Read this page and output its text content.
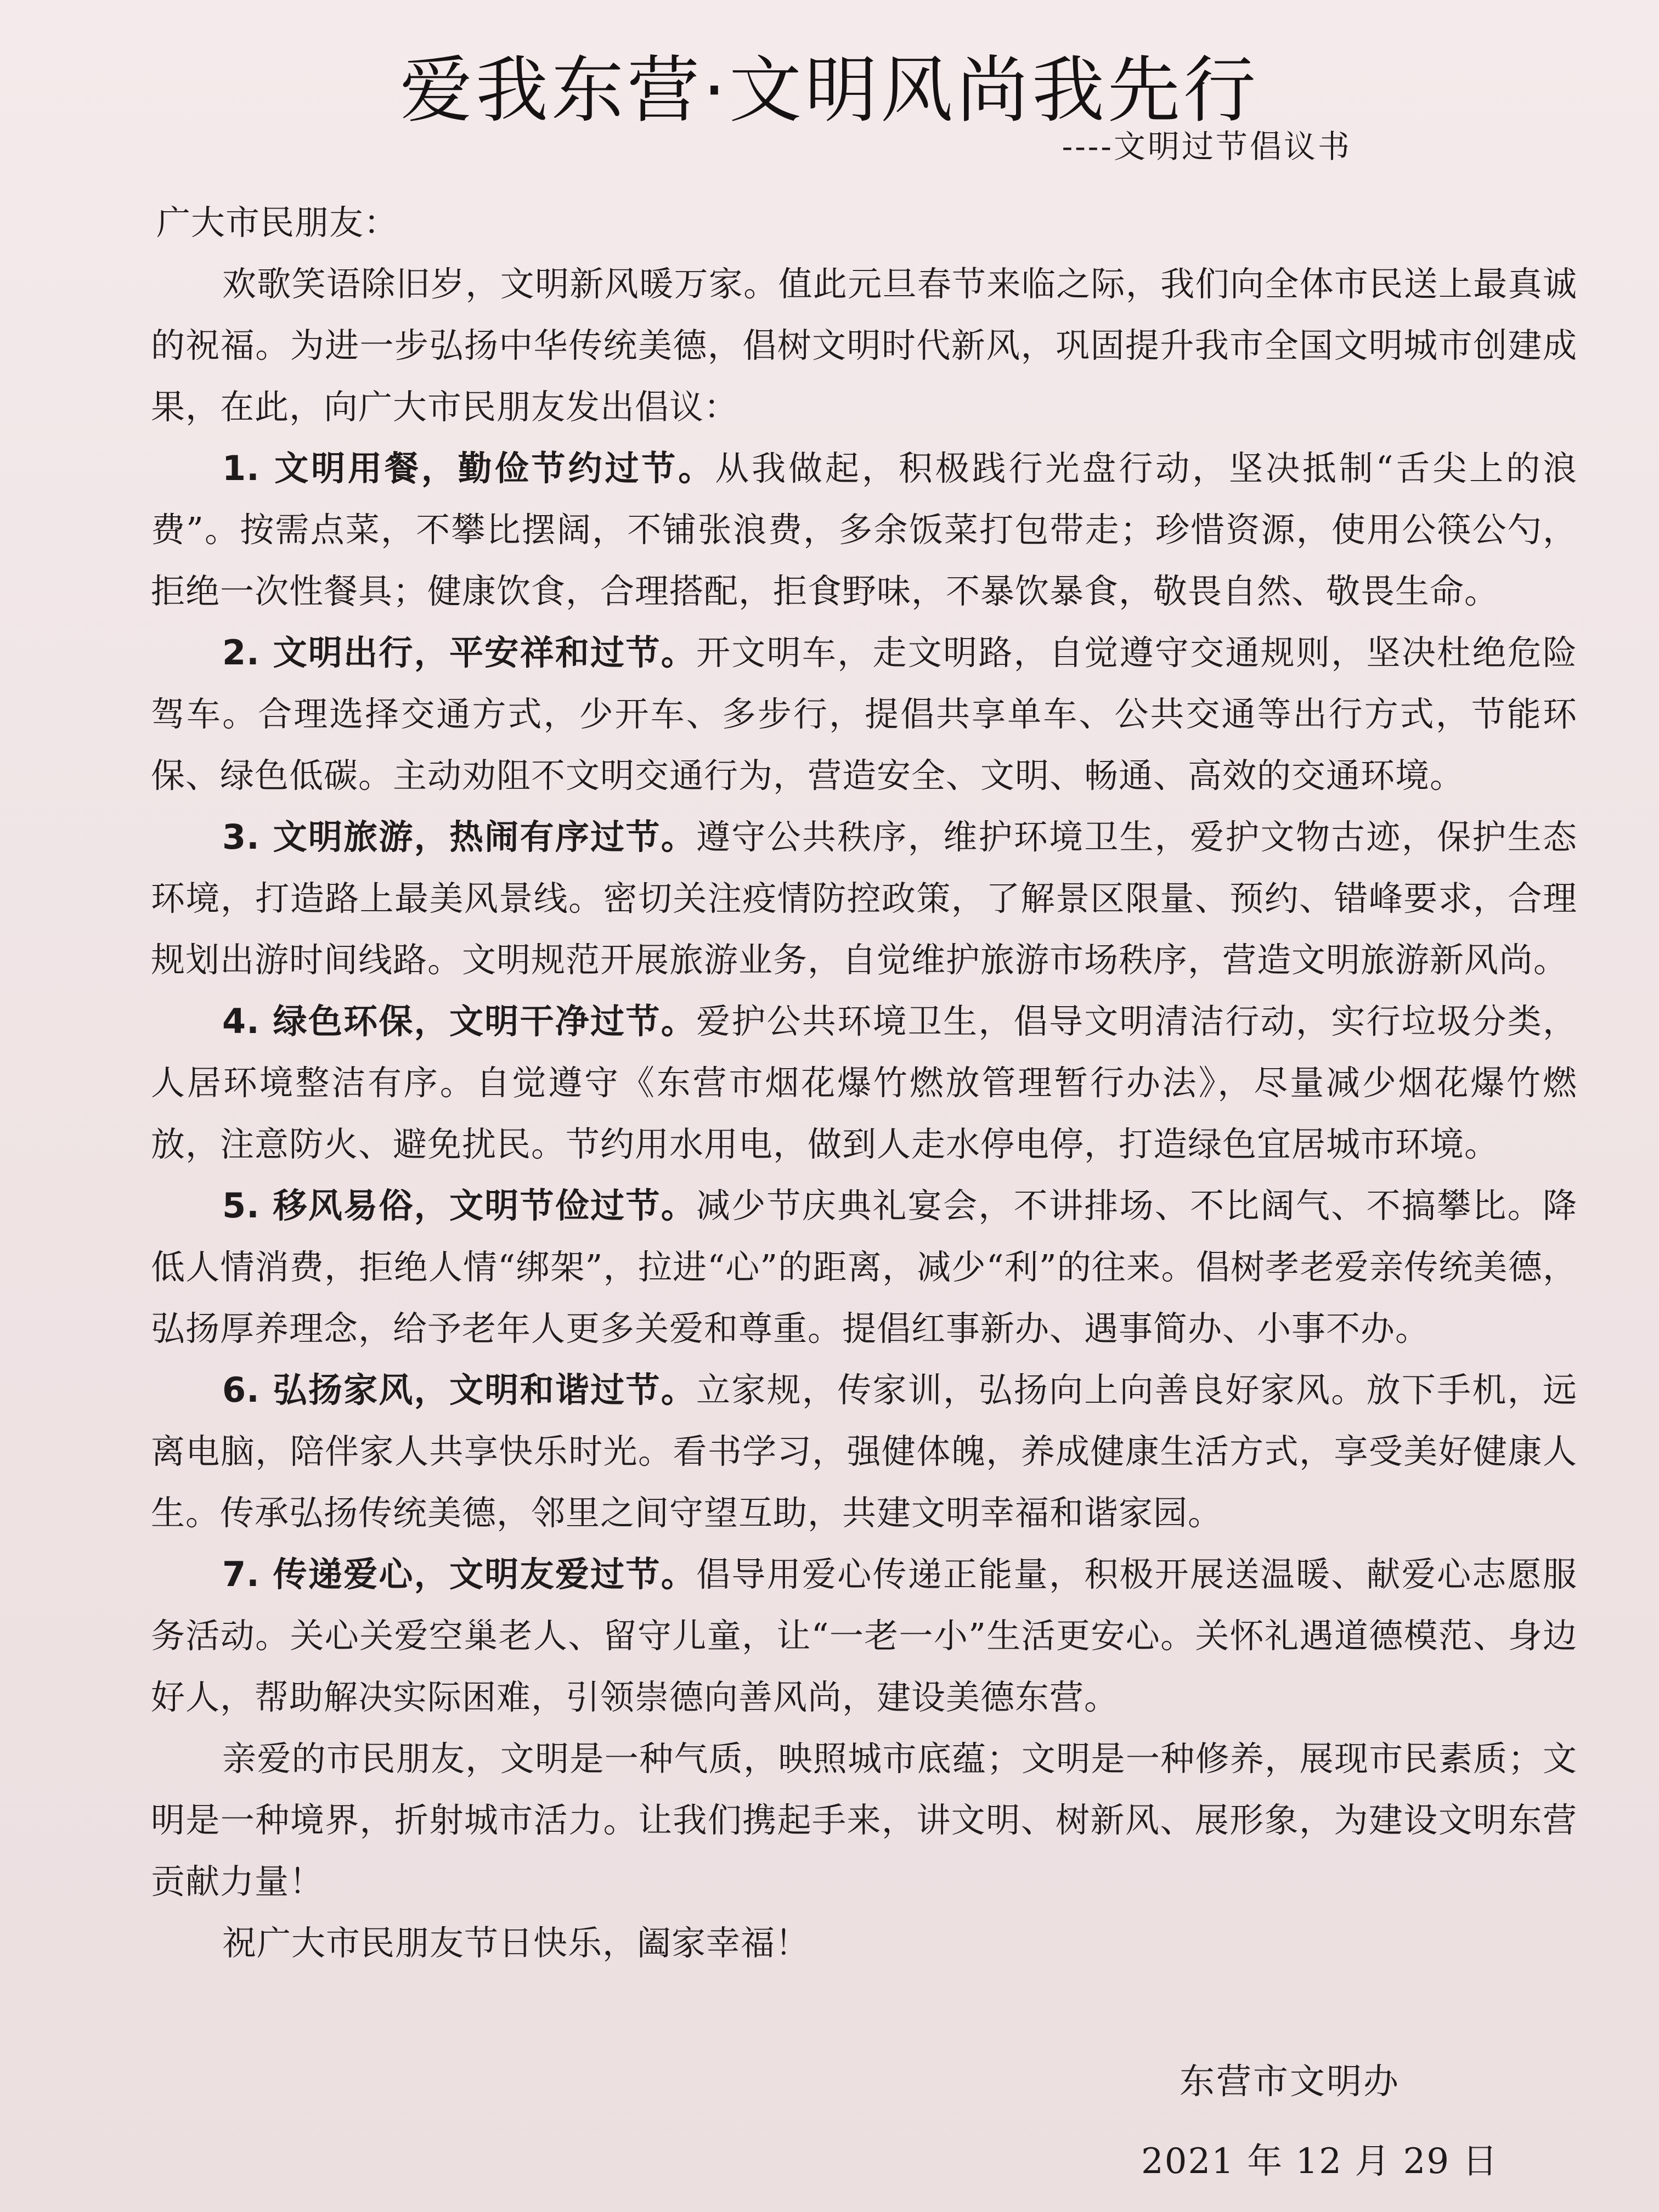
爱我东营·文明风尚我先行
----文明过节倡议书

广大市民朋友：

欢歌笑语除旧岁，文明新风暖万家。值此元旦春节来临之际，我们向全体市民送上最真诚的祝福。为进一步弘扬中华传统美德，倡树文明时代新风，巩固提升我市全国文明城市创建成果，在此，向广大市民朋友发出倡议：

1. 文明用餐，勤俭节约过节。从我做起，积极践行光盘行动，坚决抵制“舌尖上的浪费”。按需点菜，不攀比摆阔，不铺张浪费，多余饭菜打包带走；珍惜资源，使用公筷公勺，拒绝一次性餐具；健康饮食，合理搭配，拒食野味，不暴饮暴食，敬畏自然、敬畏生命。

2. 文明出行，平安祥和过节。开文明车，走文明路，自觉遵守交通规则，坚决杜绝危险驾车。合理选择交通方式，少开车、多步行，提倡共享单车、公共交通等出行方式，节能环保、绿色低碳。主动劝阻不文明交通行为，营造安全、文明、畅通、高效的交通环境。

3. 文明旅游，热闹有序过节。遵守公共秩序，维护环境卫生，爱护文物古迹，保护生态环境，打造路上最美风景线。密切关注疫情防控政策，了解景区限量、预约、错峰要求，合理规划出游时间线路。文明规范开展旅游业务，自觉维护旅游市场秩序，营造文明旅游新风尚。

4. 绿色环保，文明干净过节。爱护公共环境卫生，倡导文明清洁行动，实行垃圾分类，人居环境整洁有序。自觉遵守《东营市烟花爆竹燃放管理暂行办法》，尽量减少烟花爆竹燃放，注意防火、避免扰民。节约用水用电，做到人走水停电停，打造绿色宜居城市环境。

5. 移风易俗，文明节俭过节。减少节庆典礼宴会，不讲排场、不比阔气、不搞攀比。降低人情消费，拒绝人情“绑架”，拉进“心”的距离，减少“利”的往来。倡树孝老爱亲传统美德，弘扬厚养理念，给予老年人更多关爱和尊重。提倡红事新办、遇事简办、小事不办。

6. 弘扬家风，文明和谐过节。立家规，传家训，弘扬向上向善良好家风。放下手机，远离电脑，陪伴家人共享快乐时光。看书学习，强健体魄，养成健康生活方式，享受美好健康人生。传承弘扬传统美德，邻里之间守望互助，共建文明幸福和谐家园。

7. 传递爱心，文明友爱过节。倡导用爱心传递正能量，积极开展送温暖、献爱心志愿服务活动。关心关爱空巢老人、留守儿童，让“一老一小”生活更安心。关怀礼遇道德模范、身边好人，帮助解决实际困难，引领崇德向善风尚，建设美德东营。

亲爱的市民朋友，文明是一种气质，映照城市底蕴；文明是一种修养，展现市民素质；文明是一种境界，折射城市活力。让我们携起手来，讲文明、树新风、展形象，为建设文明东营贡献力量！

祝广大市民朋友节日快乐，阖家幸福！

东营市文明办
2021 年 12 月 29 日
